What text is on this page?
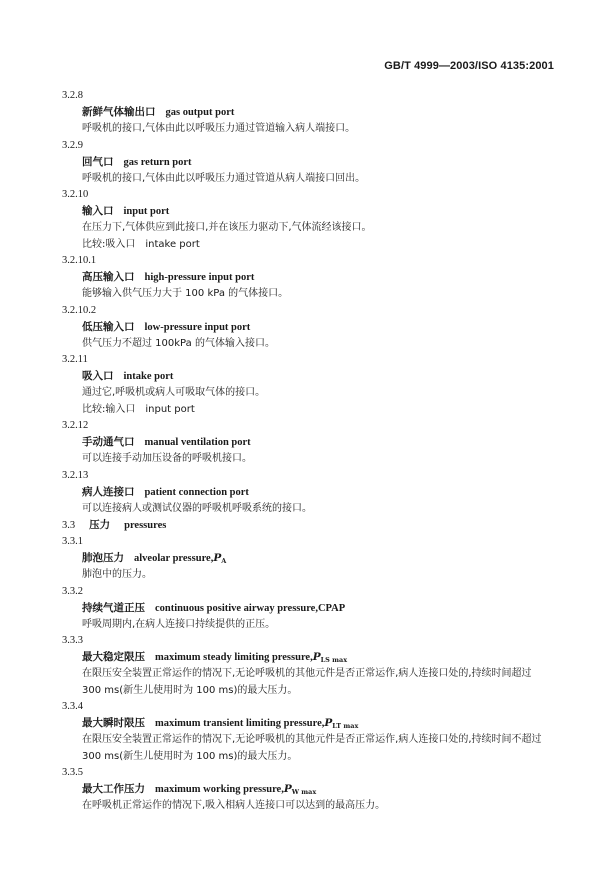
GB/T 4999—2003/ISO 4135:2001
3.2.8
新鲜气体输出口 gas output port
呼吸机的接口,气体由此以呼吸压力通过管道输入病人端接口。
3.2.9
回气口 gas return port
呼吸机的接口,气体由此以呼吸压力通过管道从病人端接口回出。
3.2.10
输入口 input port
在压力下,气体供应到此接口,并在该压力驱动下,气体流经该接口。
比较:吸入口　intake port
3.2.10.1
高压输入口 high-pressure input port
能够输入供气压力大于 100 kPa 的气体接口。
3.2.10.2
低压输入口 low-pressure input port
供气压力不超过 100kPa 的气体输入接口。
3.2.11
吸入口 intake port
通过它,呼吸机或病人可吸取气体的接口。
比较:输入口　input port
3.2.12
手动通气口 manual ventilation port
可以连接手动加压设备的呼吸机接口。
3.2.13
病人连接口 patient connection port
可以连接病人或测试仪器的呼吸机呼吸系统的接口。
3.3 压力 pressures
3.3.1
肺泡压力 alveolar $pressure,P_A$
肺泡中的压力。
3.3.2
持续气道正压 continuous positive airway pressure,CPAP
呼吸周期内,在病人连接口持续提供的正压。
3.3.3
最大稳定限压 maximum steady limiting $pressure,P_{LS max}$
在限压安全装置正常运作的情况下,无论呼吸机的其他元件是否正常运作,病人连接口处的,持续时间超过 300 ms(新生儿使用时为 100 ms)的最大压力。
3.3.4
最大瞬时限压 maximum transient limiting $pressure,P_{LT max}$
在限压安全装置正常运作的情况下,无论呼吸机的其他元件是否正常运作,病人连接口处的,持续时间不超过 300 ms(新生儿使用时为 100 ms)的最大压力。
3.3.5
最大工作压力 maximum working $pressure,P_{W max}$
在呼吸机正常运作的情况下,吸入相病人连接口可以达到的最高压力。
